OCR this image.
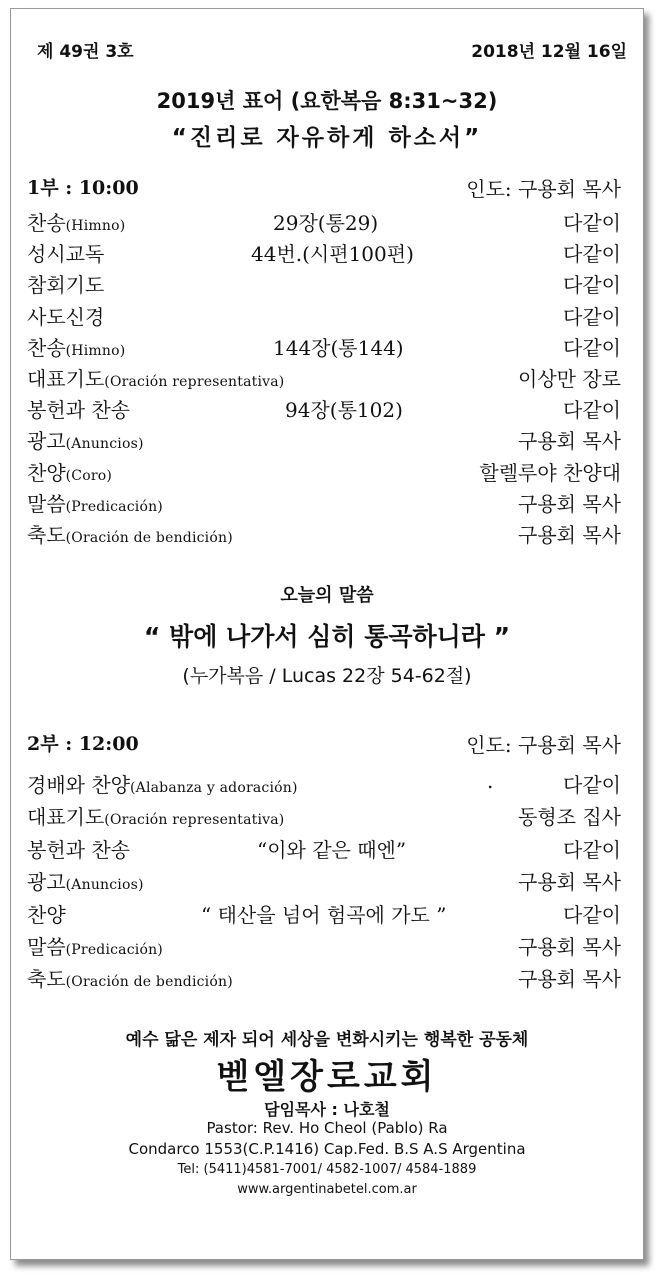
제 49권 3호	2018년 12월 16일
2019년 표어 (요한복음 8:31~32)
“진리로 자유하게 하소서”
1부 : 10:00	인도: 구용회 목사
찬송(Himno)	29장(통29)	다같이
성시교독	44번.(시편100편)	다같이
참회기도	다같이
사도신경	다같이
찬송(Himno)	144장(통144)	다같이
대표기도(Oración representativa)	이상만 장로
봉헌과 찬송	94장(통102)	다같이
광고(Anuncios)	구용회 목사
찬양(Coro)	할렐루야 찬양대
말씀(Predicación)	구용회 목사
축도(Oración de bendición)	구용회 목사
오늘의 말씀
“ 밖에 나가서 심히 통곡하니라 ”
(누가복음 / Lucas 22장 54-62절)
2부 : 12:00	인도: 구용회 목사
경배와 찬양(Alabanza y adoración)	.	다같이
대표기도(Oración representativa)	동형조 집사
봉헌과 찬송	“이와 같은 때엔”	다같이
광고(Anuncios)	구용회 목사
찬양	“ 태산을 넘어 험곡에 가도 ”	다같이
말씀(Predicación)	구용회 목사
축도(Oración de bendición)	구용회 목사
예수 닮은 제자 되어 세상을 변화시키는 행복한 공동체
벧엘장로교회
담임목사 : 나호철
Pastor: Rev. Ho Cheol (Pablo) Ra
Condarco 1553(C.P.1416) Cap.Fed. B.S A.S Argentina
Tel: (5411)4581-7001/ 4582-1007/ 4584-1889
www.argentinabetel.com.ar
